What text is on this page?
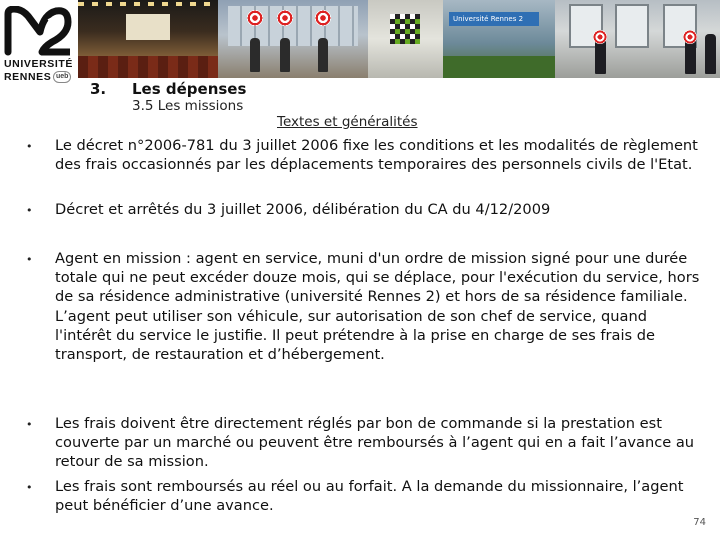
UNIVERSITÉ
RENNES ueb
Université Rennes 2
3. Les dépenses
3.5 Les missions
Textes et généralités
• Le décret n°2006-781 du 3 juillet 2006 fixe les conditions et les modalités de règlement des frais occasionnés par les déplacements temporaires des personnels civils de l'Etat.
• Décret et arrêtés du 3 juillet 2006, délibération du CA du 4/12/2009
• Agent en mission : agent en service, muni d'un ordre de mission signé pour une durée totale qui ne peut excéder douze mois, qui se déplace, pour l'exécution du service, hors de sa résidence administrative (université Rennes 2) et hors de sa résidence familiale. L’agent peut utiliser son véhicule, sur autorisation de son chef de service, quand l'intérêt du service le justifie. Il peut prétendre à la prise en charge de ses frais de transport, de restauration et d’hébergement.
• Les frais doivent être directement réglés par bon de commande si la prestation est couverte par un marché ou peuvent être remboursés à l’agent qui en a fait l’avance au retour de sa mission.
• Les frais sont remboursés au réel ou au forfait. A la demande du missionnaire, l’agent peut bénéficier d’une avance.
74
